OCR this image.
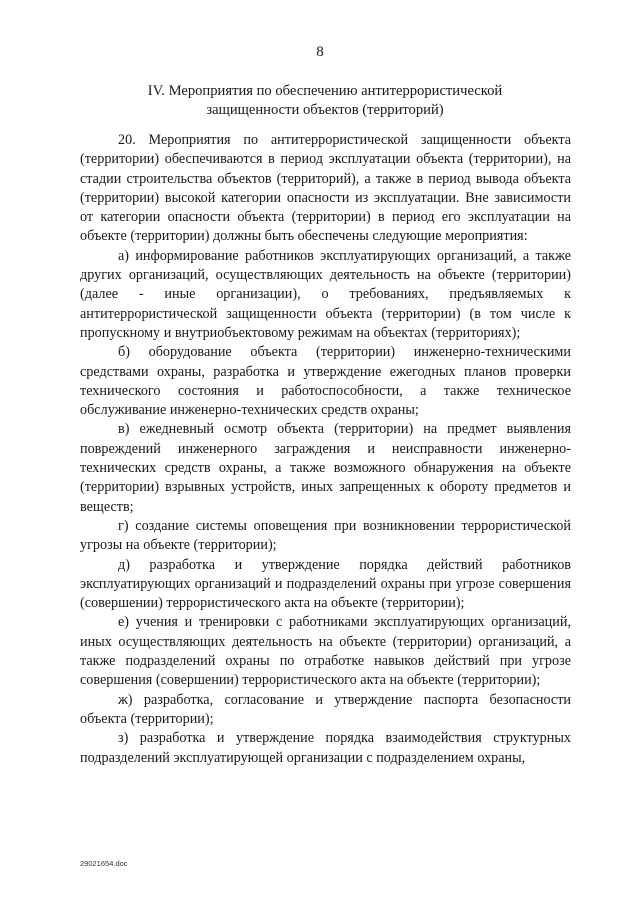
8
IV. Мероприятия по обеспечению антитеррористической
защищенности объектов (территорий)

20. Мероприятия по антитеррористической защищенности объекта (территории) обеспечиваются в период эксплуатации объекта (территории), на стадии строительства объектов (территорий), а также в период вывода объекта (территории) высокой категории опасности из эксплуатации. Вне зависимости от категории опасности объекта (территории) в период его эксплуатации на объекте (территории) должны быть обеспечены следующие мероприятия:

а) информирование работников эксплуатирующих организаций, а также других организаций, осуществляющих деятельность на объекте (территории) (далее - иные организации), о требованиях, предъявляемых к антитеррористической защищенности объекта (территории) (в том числе к пропускному и внутриобъектовому режимам на объектах (территориях);

б) оборудование объекта (территории) инженерно-техническими средствами охраны, разработка и утверждение ежегодных планов проверки технического состояния и работоспособности, а также техническое обслуживание инженерно-технических средств охраны;

в) ежедневный осмотр объекта (территории) на предмет выявления повреждений инженерного заграждения и неисправности инженерно-технических средств охраны, а также возможного обнаружения на объекте (территории) взрывных устройств, иных запрещенных к обороту предметов и веществ;

г) создание системы оповещения при возникновении террористической угрозы на объекте (территории);

д) разработка и утверждение порядка действий работников эксплуатирующих организаций и подразделений охраны при угрозе совершения (совершении) террористического акта на объекте (территории);

е) учения и тренировки с работниками эксплуатирующих организаций, иных осуществляющих деятельность на объекте (территории) организаций, а также подразделений охраны по отработке навыков действий при угрозе совершения (совершении) террористического акта на объекте (территории);

ж) разработка, согласование и утверждение паспорта безопасности объекта (территории);

з) разработка и утверждение порядка взаимодействия структурных подразделений эксплуатирующей организации с подразделением охраны,

29021654.doc
